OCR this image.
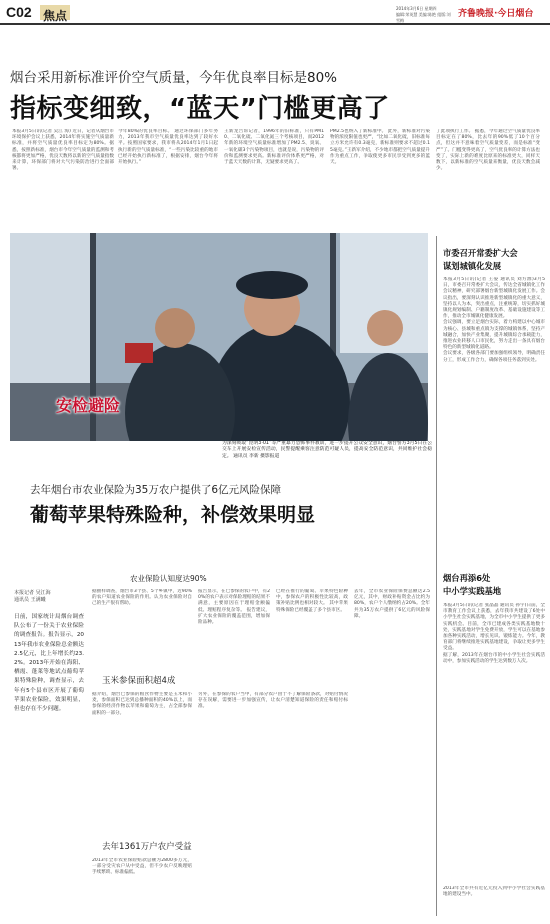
C02 焦点
2014年3月6日 星期四
编辑:荣英慧 美编:陈艳 组版:刘雪梅
齐鲁晚报·今日烟台
烟台采用新标准评价空气质量，今年优良率目标是80%
指标变细致，“蓝天”门槛更高了
本报3月5日讯(记者 吴江 海) 近日，记者从烟台市环境保护会议上获悉，2014年将实施空气质量新标准，并将空气质量优良率目标定为80%。据悉，按照新标准，烟台市今年空气质量的监测和考核都将更加严格，优良天数将以新的空气质量指数来计算，环保部门将对大气污染防治进行全面部署。
今年80%的优良率目标。 通过环保部门多年努力，2013年我市空气质量优良率达到了较好水平。按照国家要求，我市将从2014年1月1日起执行新的空气质量标准，“一些污染比较重的地市已经开始执行新标准了，根据安排，烟台今年将开始执行。”
王新龙告诉记者，1996年的旧标准，只有PM10、二氧化硫、二氧化氮三个考核项目，而2012年新的环境空气质量标准增加了PM2.5、臭氧、一氧化碳3个污染物项目，也就是说，污染物的评价和监测要求更高。新标准评价体系更严格，对于蓝天天数的计算，无疑要求更高了。
PM2.5也纳入了新标准中。 此外，新标准对污染物的浓度限值也更严，“比如二氧化硫，旧标准每立方米允许有0.3毫克，新标准则要求不超过0.15毫克。”王新军介绍，不少地市都把空气质量提升作为重点工作，争取使更多市民享受到更多的蓝天。
了此项执行工作。 据悉，今年通过空气质量优良率目标定在了80%，比去年的90%低了10个百分点，但这并不意味着空气质量变差，而是标准“变严”了。门槛变得更高了，空气优良率的计算方法也变了，实际上新的难度比原来的标准更大，同样天数下，以新标准的空气质量来衡量，优良天数会减少。
安检避险
为深刻吸取“昆明3·01”等严重暴力恐怖事件教训，进一步提升公众安全意识，烟台警方3月5日在公交车上开展安检宣传活动，民警提醒乘客注意防范可疑人员，提高安全防范意识，共同维护社会稳定。 通讯员 李新 摄影报道
去年烟台市农业保险为35万农户提供了6亿元风险保障
葡萄苹果特殊险种，补偿效果明显
本报记者 吴江海
通讯员 王满曦
日前，国家统计局烟台调查队公布了一份关于农业保险的调查报告。报告显示，2013年我市农业保险总金额达2.5亿元，比上年增长约23.2%。2013年开始在海阳、栖霞、蓬莱等地试点葡萄苹果特殊险种，调查显示，去年有5个县市区开展了葡萄苹果农业保险，效果明显，但也存在不少问题。
农业保险认知度达90%
据抽样调查，烟台市3个县、5个乡镇中，近90%的农户知道农业保险的作用。认为农业保险对自己的生产很有帮助。
玉米参保面积超4成
据介绍，烟台已参保的粮食作物主要是玉米和小麦，参保面积已达到总播种面积的40%以上，而参保的经济作物以苹果和葡萄为主，占全部参保面积的一部分。
去年1361万户农户受益
2013年全市农业保险赔款总额为2800多万元，一部分受灾农户从中受益，但不少农户反映理赔手续繁琐、标准偏低。
报告显示，在已参保的农户中，有20%的农户表示对保险理赔的结果不满意，主要原因在于理赔金额偏低、理赔程序复杂等。 报告建议，扩大农业保险的覆盖范围，增加保险品种。
已经在推行的葡萄、苹果特色险种中，参保农户的积极性比较高，政策补贴比例也相对较大。 其中苹果特殊保险已经覆盖了多个县市区。
另外，在参保的农户当中，有部分农户由于不了解保险条款，对赔付情况存在误解，需要进一步加强宣传，让农户清楚知道保险的责任和赔付标准。
去年，全市农业保险保费总额达2.5亿元，其中，财政补贴资金占比约为80%，农户个人缴纳约占20%。全年共为35万农户提供了6亿元的风险保障。
市委召开常委扩大会
谋划城镇化发展
本报3月5日讯(记者 王晏 通讯员 刘方源)3月5日，市委召开常委扩大会议，传达全省城镇化工作会议精神，研究部署烟台新型城镇化发展工作。会议指出，要深刻认识推进新型城镇化的重大意义，坚持以人为本，突出重点，注重统筹，切实抓好城镇化规划编制、户籍制度改革、基础设施建设等工作，推动全市城镇化健康发展。
会议强调，要立足烟台实际，着力构建以中心城市为核心、县城和重点镇为支撑的城镇体系，坚持产城融合，加快产业集聚，提升城镇综合承载能力，推进农业转移人口市民化，努力走出一条具有烟台特色的新型城镇化道路。
会议要求，各级各部门要加强组织领导，明确责任分工，形成工作合力，确保各项任务落到实处。
烟台再添6处
中小学实践基地
本报3月5日讯(记者 张晶晶 通讯员 孙宇)日前，全市教育工作会议上获悉，去年我市共建设了6处中小学生社会实践基地，为全市中小学生提供了更多实践机会。目前，全市已建成各类实践基地数十处，实践基地对学生免费开放，学生可以在基地参加各种实践活动，增长见识、锻炼能力。今年，教育部门将继续推进实践基地建设，争取让更多学生受益。
据了解，2013年在烟台市的中小学生社会实践活动中，参加实践活动的学生达到数万人次。
2013年全市共有近亿元投入到中小学社会实践基地的建设当中。
